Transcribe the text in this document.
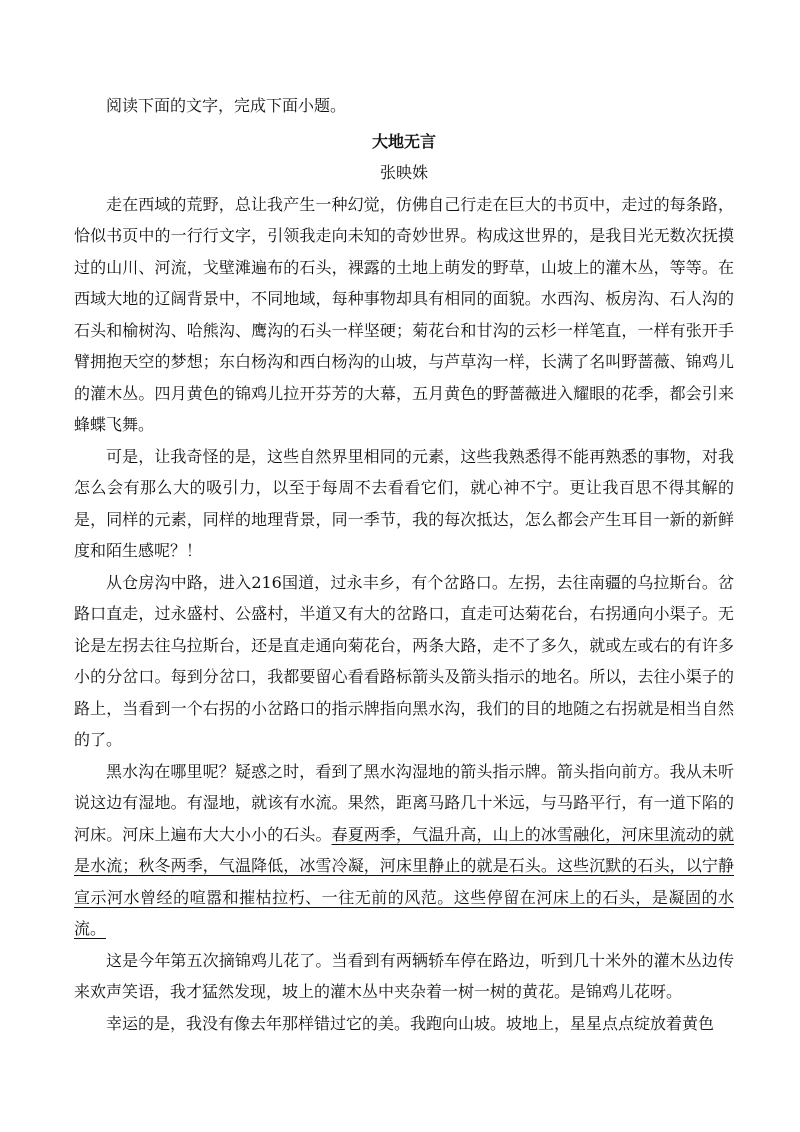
阅读下面的文字，完成下面小题。

大地无言

张映姝

走在西域的荒野，总让我产生一种幻觉，仿佛自己行走在巨大的书页中，走过的每条路，恰似书页中的一行行文字，引领我走向未知的奇妙世界。构成这世界的，是我目光无数次抚摸过的山川、河流，戈壁滩遍布的石头，裸露的土地上萌发的野草，山坡上的灌木丛，等等。在西域大地的辽阔背景中，不同地域，每种事物却具有相同的面貌。水西沟、板房沟、石人沟的石头和榆树沟、哈熊沟、鹰沟的石头一样坚硬；菊花台和甘沟的云杉一样笔直，一样有张开手臂拥抱天空的梦想；东白杨沟和西白杨沟的山坡，与芦草沟一样，长满了名叫野蔷薇、锦鸡儿的灌木丛。四月黄色的锦鸡儿拉开芬芳的大幕，五月黄色的野蔷薇进入耀眼的花季，都会引来蜂蝶飞舞。

可是，让我奇怪的是，这些自然界里相同的元素，这些我熟悉得不能再熟悉的事物，对我怎么会有那么大的吸引力，以至于每周不去看看它们，就心神不宁。更让我百思不得其解的是，同样的元素，同样的地理背景，同一季节，我的每次抵达，怎么都会产生耳目一新的新鲜度和陌生感呢？！

从仓房沟中路，进入216国道，过永丰乡，有个岔路口。左拐，去往南疆的乌拉斯台。岔路口直走，过永盛村、公盛村，半道又有大的岔路口，直走可达菊花台，右拐通向小渠子。无论是左拐去往乌拉斯台，还是直走通向菊花台，两条大路，走不了多久，就或左或右的有许多小的分岔口。每到分岔口，我都要留心看看路标箭头及箭头指示的地名。所以，去往小渠子的路上，当看到一个右拐的小岔路口的指示牌指向黑水沟，我们的目的地随之右拐就是相当自然的了。

黑水沟在哪里呢？疑惑之时，看到了黑水沟湿地的箭头指示牌。箭头指向前方。我从未听说这边有湿地。有湿地，就该有水流。果然，距离马路几十米远，与马路平行，有一道下陷的河床。河床上遍布大大小小的石头。春夏两季，气温升高，山上的冰雪融化，河床里流动的就是水流；秋冬两季，气温降低，冰雪冷凝，河床里静止的就是石头。这些沉默的石头，以宁静宣示河水曾经的喧嚣和摧枯拉朽、一往无前的风范。这些停留在河床上的石头，是凝固的水流。

这是今年第五次摘锦鸡儿花了。当看到有两辆轿车停在路边，听到几十米外的灌木丛边传来欢声笑语，我才猛然发现，坡上的灌木丛中夹杂着一树一树的黄花。是锦鸡儿花呀。

幸运的是，我没有像去年那样错过它的美。我跑向山坡。坡地上，星星点点绽放着黄色
